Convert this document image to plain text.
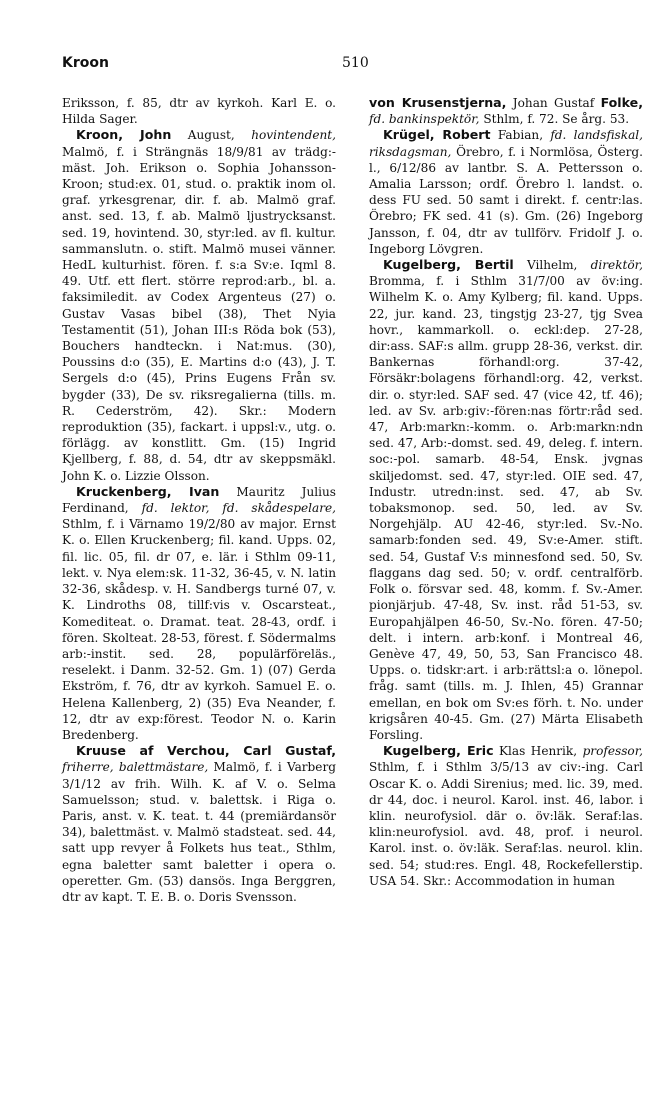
Kroon	510

Eriksson, f. 85, dtr av kyrkoh. Karl E. o. Hilda Sager.

Kroon, John August, hovintendent, Malmö, f. i Strängnäs 18/9/81 av trädg:-mäst. Joh. Erikson o. Sophia Johansson-Kroon; stud:ex. 01, stud. o. praktik inom ol. graf. yrkesgrenar, dir. f. ab. Malmö graf. anst. sed. 13, f. ab. Malmö ljustrycksanst. sed. 19, hovintend. 30, styr:led. av fl. kultur. sammanslutn. o. stift. Malmö musei vänner. HedL kulturhist. fören. f. s:a Sv:e. Iqml 8. 49. Utf. ett flert. större reprod:arb., bl. a. faksimiledit. av Codex Argenteus (27) o. Gustav Vasas bibel (38), Thet Nyia Testamentit (51), Johan III:s Röda bok (53), Bouchers handteckn. i Nat:mus. (30), Poussins d:o (35), E. Martins d:o (43), J. T. Sergels d:o (45), Prins Eugens Från sv. bygder (33), De sv. riksregalierna (tills. m. R. Cederström, 42). Skr.: Modern reproduktion (35), fackart. i uppsl:v., utg. o. förlägg. av konstlitt. Gm. (15) Ingrid Kjellberg, f. 88, d. 54, dtr av skeppsmäkl. John K. o. Lizzie Olsson.

Kruckenberg, Ivan Mauritz Julius Ferdinand, fd. lektor, fd. skådespelare, Sthlm, f. i Värnamo 19/2/80 av major. Ernst K. o. Ellen Kruckenberg; fil. kand. Upps. 02, fil. lic. 05, fil. dr 07, e. lär. i Sthlm 09-11, lekt. v. Nya elem:sk. 11-32, 36-45, v. N. latin 32-36, skådesp. v. H. Sandbergs turné 07, v. K. Lindroths 08, tillf:vis v. Oscarsteat., Komediteat. o. Dramat. teat. 28-43, ordf. i fören. Skolteat. 28-53, förest. f. Södermalms arb:-instit. sed. 28, populärföreläs., reselekt. i Danm. 32-52. Gm. 1) (07) Gerda Ekström, f. 76, dtr av kyrkoh. Samuel E. o. Helena Kallenberg, 2) (35) Eva Neander, f. 12, dtr av exp:förest. Teodor N. o. Karin Bredenberg.

Kruuse af Verchou, Carl Gustaf, friherre, balettmästare, Malmö, f. i Varberg 3/1/12 av frih. Wilh. K. af V. o. Selma Samuelsson; stud. v. balettsk. i Riga o. Paris, anst. v. K. teat. t. 44 (premiärdansör 34), balettmäst. v. Malmö stadsteat. sed. 44, satt upp revyer å Folkets hus teat., Sthlm, egna baletter samt baletter i opera o. operetter. Gm. (53) dansös. Inga Berggren, dtr av kapt. T. E. B. o. Doris Svensson.

von Krusenstjerna, Johan Gustaf Folke, fd. bankinspektör, Sthlm, f. 72. Se årg. 53.

Krügel, Robert Fabian, fd. landsfiskal, riksdagsman, Örebro, f. i Normlösa, Österg. l., 6/12/86 av lantbr. S. A. Pettersson o. Amalia Larsson; ordf. Örebro l. landst. o. dess FU sed. 50 samt i direkt. f. centr:las. Örebro; FK sed. 41 (s). Gm. (26) Ingeborg Jansson, f. 04, dtr av tullförv. Fridolf J. o. Ingeborg Lövgren.

Kugelberg, Bertil Vilhelm, direktör, Bromma, f. i Sthlm 31/7/00 av öv:ing. Wilhelm K. o. Amy Kylberg; fil. kand. Upps. 22, jur. kand. 23, tingstjg 23-27, tjg Svea hovr., kammarkoll. o. eckl:dep. 27-28, dir:ass. SAF:s allm. grupp 28-36, verkst. dir. Bankernas förhandl:org. 37-42, Försäkr:bolagens förhandl:org. 42, verkst. dir. o. styr:led. SAF sed. 47 (vice 42, tf. 46); led. av Sv. arb:giv:-fören:nas förtr:råd sed. 47, Arb:markn:-komm. o. Arb:markn:ndn sed. 47, Arb:-domst. sed. 49, deleg. f. intern. soc:-pol. samarb. 48-54, Ensk. jvgnas skiljedomst. sed. 47, styr:led. OIE sed. 47, Industr. utredn:inst. sed. 47, ab Sv. tobaksmonop. sed. 50, led. av Sv. Norgehjälp. AU 42-46, styr:led. Sv.-No. samarb:fonden sed. 49, Sv:e-Amer. stift. sed. 54, Gustaf V:s minnesfond sed. 50, Sv. flaggans dag sed. 50; v. ordf. centralförb. Folk o. försvar sed. 48, komm. f. Sv.-Amer. pionjärjub. 47-48, Sv. inst. råd 51-53, sv. Europahjälpen 46-50, Sv.-No. fören. 47-50; delt. i intern. arb:konf. i Montreal 46, Genève 47, 49, 50, 53, San Francisco 48. Upps. o. tidskr:art. i arb:rättsl:a o. lönepol. fråg. samt (tills. m. J. Ihlen, 45) Grannar emellan, en bok om Sv:es förh. t. No. under krigsåren 40-45. Gm. (27) Märta Elisabeth Forsling.

Kugelberg, Eric Klas Henrik, professor, Sthlm, f. i Sthlm 3/5/13 av civ:-ing. Carl Oscar K. o. Addi Sirenius; med. lic. 39, med. dr 44, doc. i neurol. Karol. inst. 46, labor. i klin. neurofysiol. där o. öv:läk. Seraf:las. klin:neurofysiol. avd. 48, prof. i neurol. Karol. inst. o. öv:läk. Seraf:las. neurol. klin. sed. 54; stud:res. Engl. 48, Rockefellerstip. USA 54. Skr.: Accommodation in human
